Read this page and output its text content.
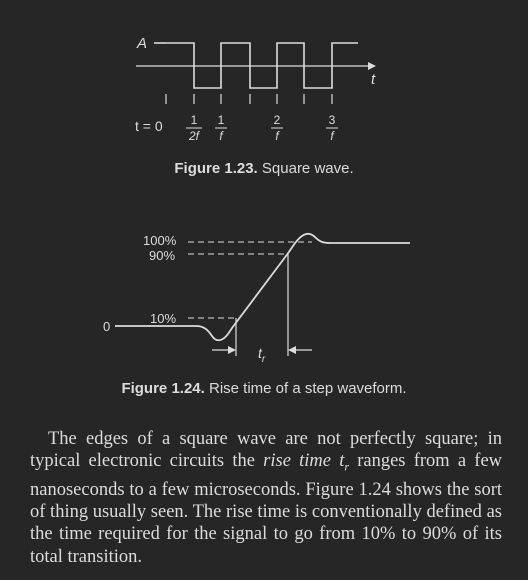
A
t
t = 0 1
2f
1
f
2
f
3
f
Figure 1.23. Square wave.
100%
90%
10%
0
$t_r$
Figure 1.24. Rise time of a step waveform.

The edges of a square wave are not perfectly square; in typical electronic circuits the rise time $t_r$ ranges from a few nanoseconds to a few microseconds. Figure 1.24 shows the sort of thing usually seen. The rise time is conventionally defined as the time required for the signal to go from 10% to 90% of its total transition.
